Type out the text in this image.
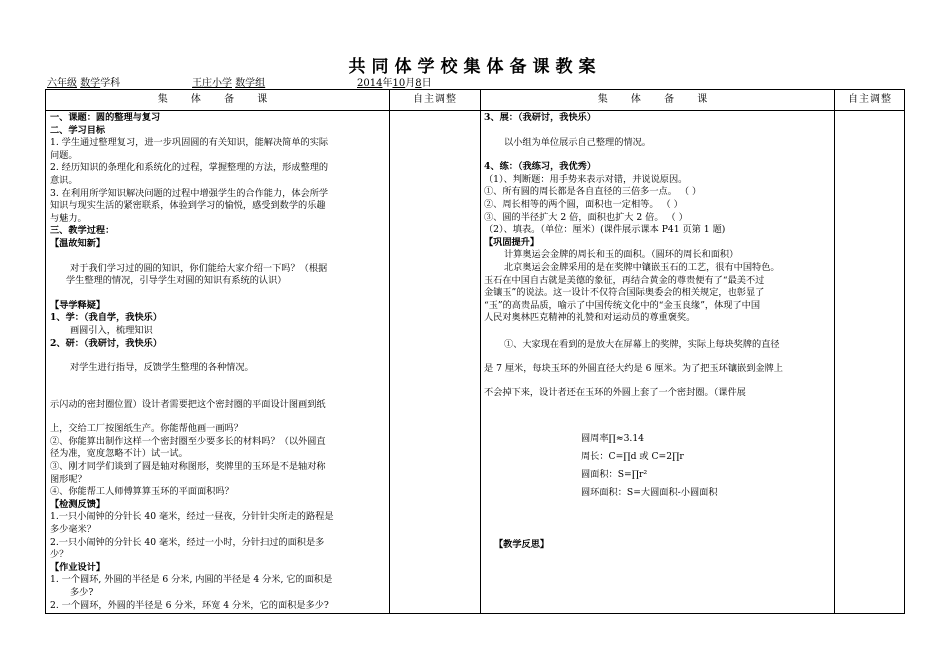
共同体学校集体备课教案
六年级 数学学科	王庄小学 数学组	2014年10月8日
集 体 备 课	自主调整	集 体 备 课	自主调整

一、课题：圆的整理与复习

二、学习目标

1. 学生通过整理复习，进一步巩固圆的有关知识，能解决简单的实际

问题。

2. 经历知识的条理化和系统化的过程，掌握整理的方法，形成整理的

意识。

3. 在利用所学知识解决问题的过程中增强学生的合作能力，体会所学

知识与现实生活的紧密联系，体验到学习的愉悦，感受到数学的乐趣

与魅力。

三、教学过程：

【温故知新】

对于我们学习过的圆的知识，你们能给大家介绍一下吗？（根据

学生整理的情况，引导学生对圆的知识有系统的认识）

【导学释疑】

1、学：（我自学，我快乐）

画圆引入，梳理知识

2、研：（我研讨，我快乐）

对学生进行指导，反馈学生整理的各种情况。

示闪动的密封圈位置）设计者需要把这个密封圈的平面设计图画到纸

上，交给工厂按图纸生产。你能帮他画一画吗？

②、你能算出制作这样一个密封圈至少要多长的材料吗？（以外圆直

径为准，宽度忽略不计）试一试。

③、刚才同学们谈到了圆是轴对称图形，奖牌里的玉环是不是轴对称

图形呢？

④、你能帮工人师傅算算玉环的平面面积吗？

【检测反馈】

1.一只小闹钟的分针长 40 毫米，经过一昼夜，分针针尖所走的路程是

多少毫米？

2.一只小闹钟的分针长 40 毫米，经过一小时，分针扫过的面积是多

少？

【作业设计】

1. 一个圆环, 外圆的半径是 6 分米, 内圆的半径是 4 分米, 它的面积是

多少?

2. 一个圆环，外圆的半径是 6 分米，环宽 4 分米，它的面积是多少?

3、展：（我研讨，我快乐）

以小组为单位展示自己整理的情况。

4、练：（我练习，我优秀）

（1）、判断题：用手势来表示对错，并说说原因。

①、所有圆的周长都是各自直径的三倍多一点。 （ ）

②、周长相等的两个圆，面积也一定相等。 （ ）

③、圆的半径扩大 2 倍，面积也扩大 2 倍。 （ ）

（2）、填表。（单位：厘米）(课件展示课本 P41 页第 1 题)

【巩固提升】

计算奥运会金牌的周长和玉的面积。（圆环的周长和面积）

北京奥运会金牌采用的是在奖牌中镶嵌玉石的工艺，很有中国特色。

玉石在中国自古就是美德的象征，再结合黄金的尊贵便有了“最美不过

金镶玉”的说法。这一设计不仅符合国际奥委会的相关规定，也彰显了

“玉”的高贵品质，喻示了中国传统文化中的“金玉良缘”，体现了中国

人民对奥林匹克精神的礼赞和对运动员的尊重褒奖。

①、大家现在看到的是放大在屏幕上的奖牌，实际上每块奖牌的直径

是 7 厘米，每块玉环的外圆直径大约是 6 厘米。为了把玉环镶嵌到金牌上

不会掉下来，设计者还在玉环的外圆上套了一个密封圈。（课件展

圆周率∏≈3.14

周长：C=∏d 或 C=2∏r

圆面积：S=∏r²

圆环面积：S=大圆面积-小圆面积

【教学反思】
